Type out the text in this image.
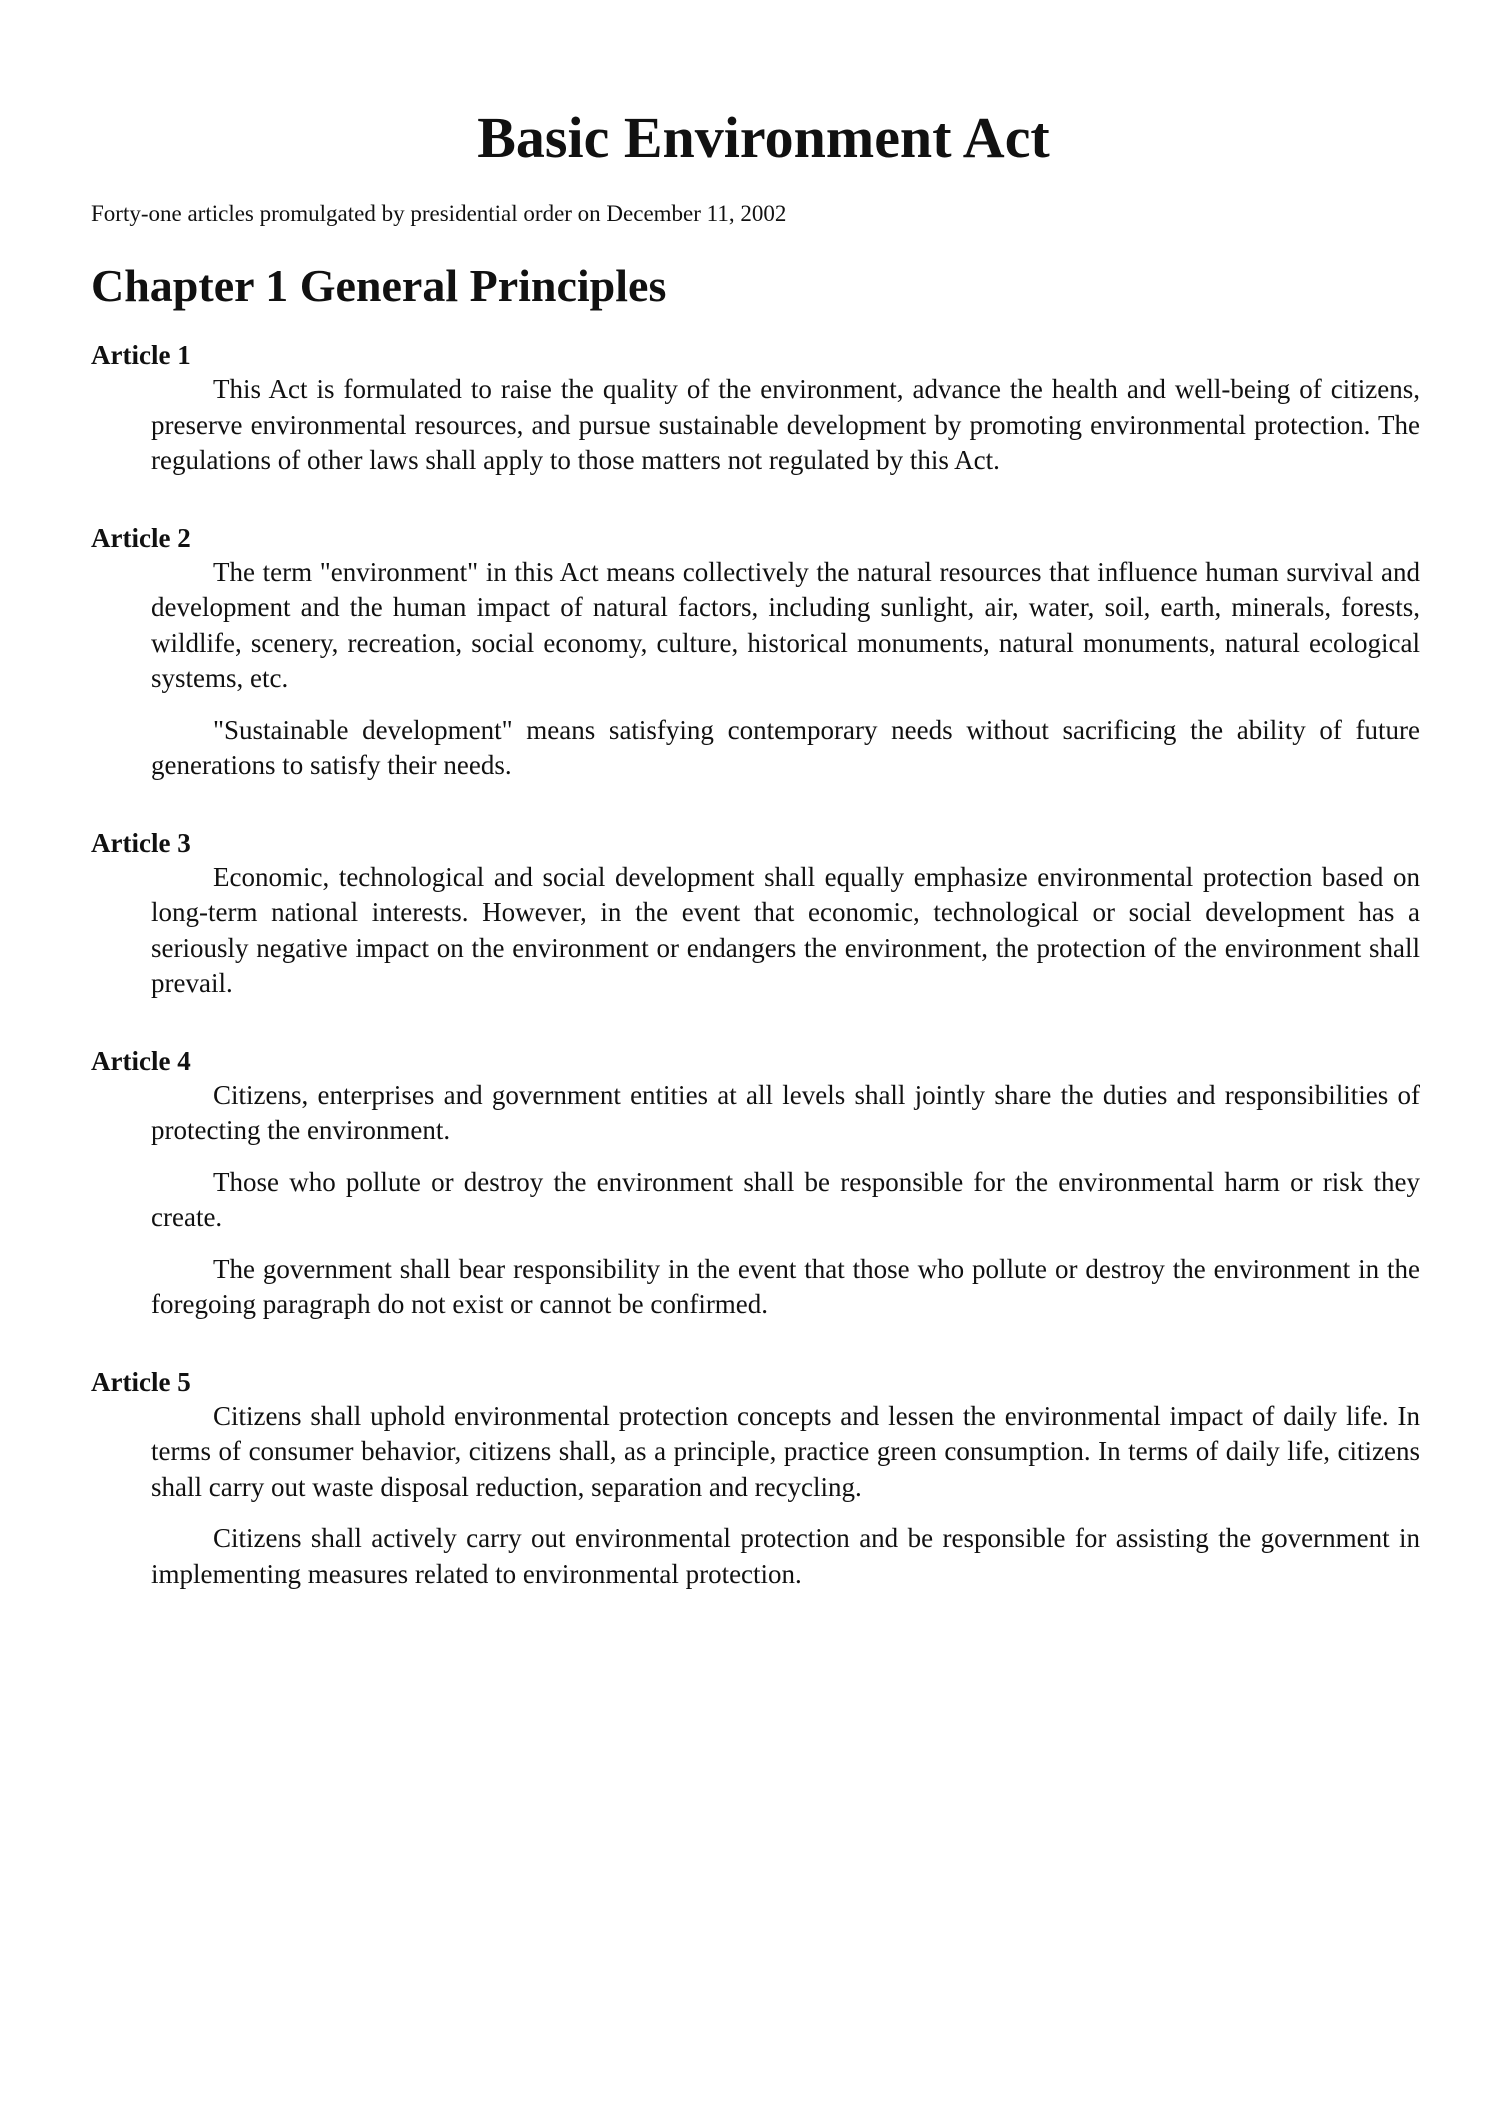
Basic Environment Act

Forty-one articles promulgated by presidential order on December 11, 2002

Chapter 1 General Principles
Article 1

This Act is formulated to raise the quality of the environment, advance the health and well-being of citizens, preserve environmental resources, and pursue sustainable development by promoting environmental protection. The regulations of other laws shall apply to those matters not regulated by this Act.

Article 2

The term "environment" in this Act means collectively the natural resources that influence human survival and development and the human impact of natural factors, including sunlight, air, water, soil, earth, minerals, forests, wildlife, scenery, recreation, social economy, culture, historical monuments, natural monuments, natural ecological systems, etc.

"Sustainable development" means satisfying contemporary needs without sacrificing the ability of future generations to satisfy their needs.

Article 3

Economic, technological and social development shall equally emphasize environmental protection based on long-term national interests. However, in the event that economic, technological or social development has a seriously negative impact on the environment or endangers the environment, the protection of the environment shall prevail.

Article 4

Citizens, enterprises and government entities at all levels shall jointly share the duties and responsibilities of protecting the environment.

Those who pollute or destroy the environment shall be responsible for the environmental harm or risk they create.

The government shall bear responsibility in the event that those who pollute or destroy the environment in the foregoing paragraph do not exist or cannot be confirmed.

Article 5

Citizens shall uphold environmental protection concepts and lessen the environmental impact of daily life. In terms of consumer behavior, citizens shall, as a principle, practice green consumption. In terms of daily life, citizens shall carry out waste disposal reduction, separation and recycling.

Citizens shall actively carry out environmental protection and be responsible for assisting the government in implementing measures related to environmental protection.
